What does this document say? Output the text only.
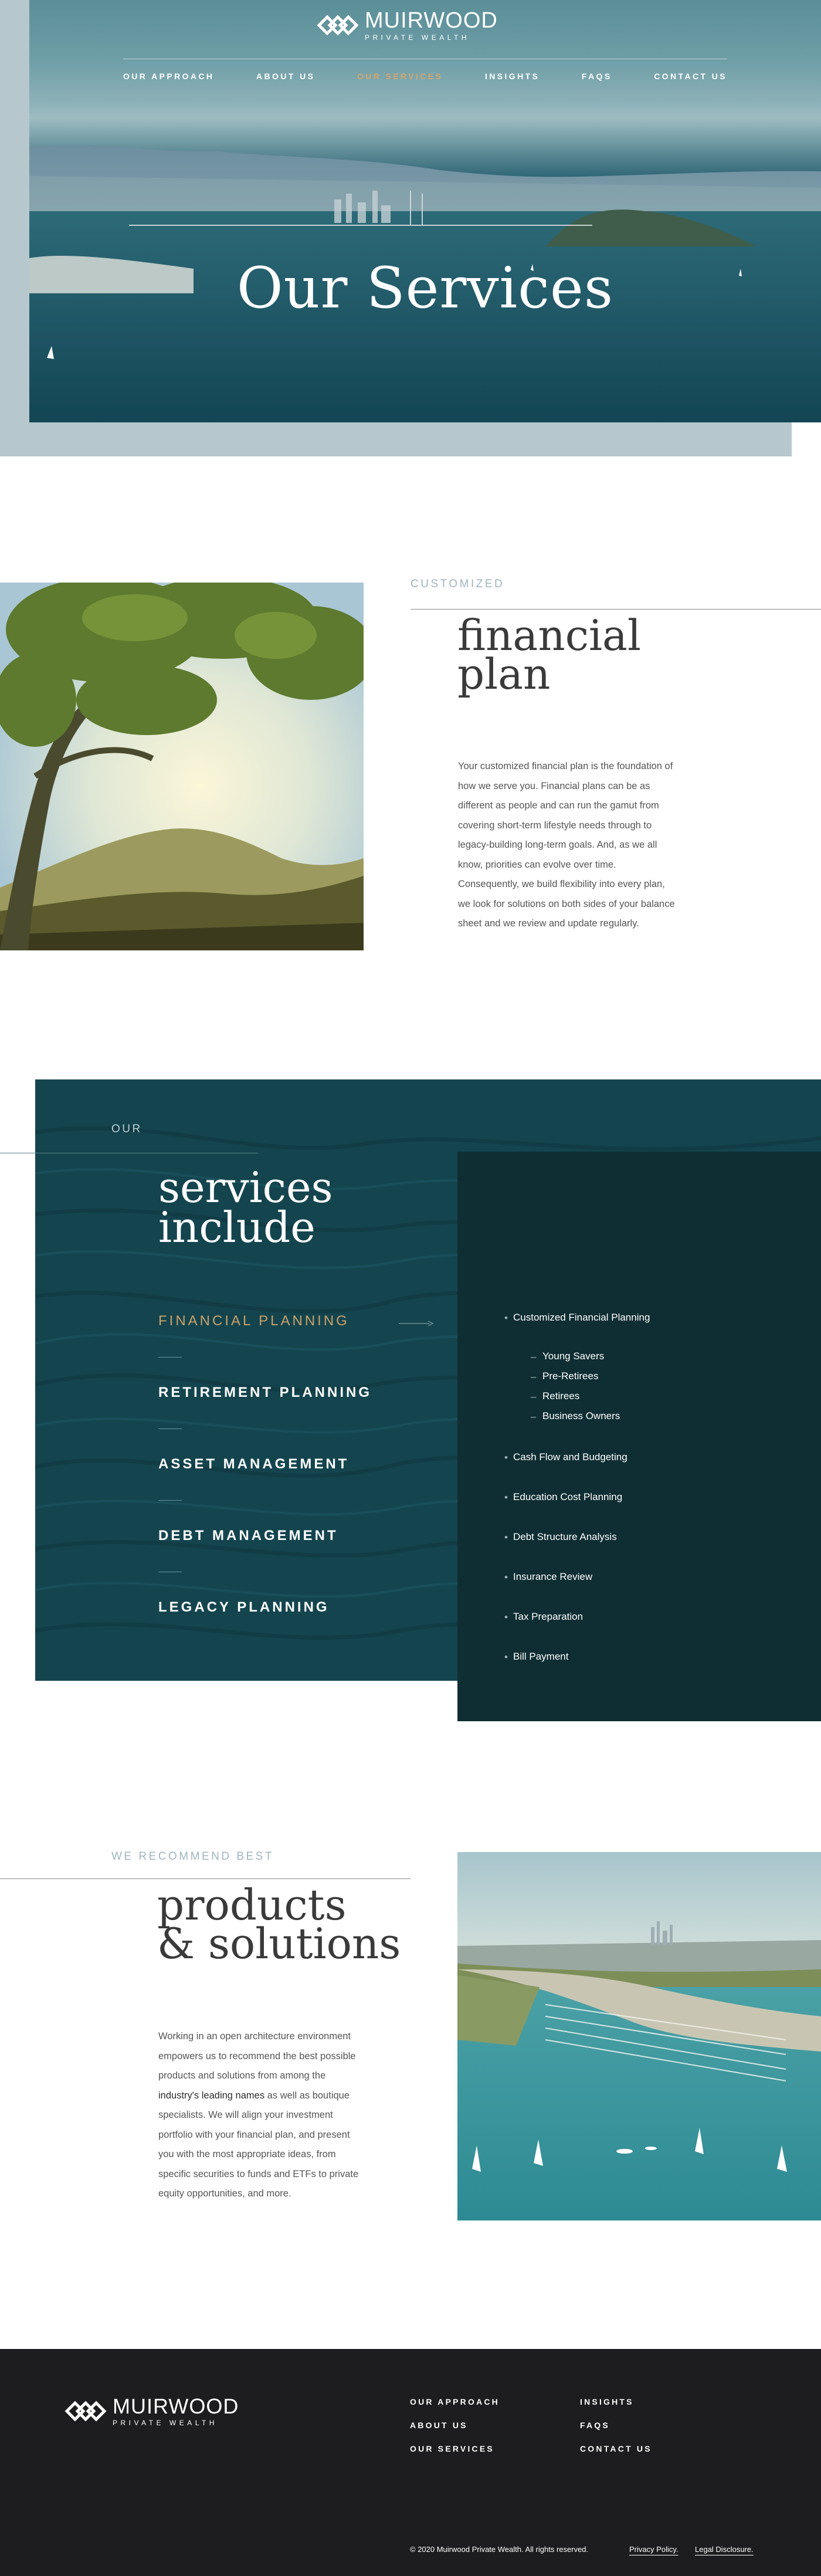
MUIRWOOD
PRIVATE WEALTH
OUR APPROACH	ABOUT US	OUR SERVICES	INSIGHTS	FAQS	CONTACT US
Our Services
CUSTOMIZED
financial
plan

Your customized financial plan is the foundation of how we serve you. Financial plans can be as different as people and can run the gamut from covering short-term lifestyle needs through to legacy-building long-term goals. And, as we all know, priorities can evolve over time. Consequently, we build flexibility into every plan, we look for solutions on both sides of your balance sheet and we review and update regularly.

OUR
services
include
FINANCIAL PLANNING
RETIREMENT PLANNING
ASSET MANAGEMENT
DEBT MANAGEMENT
LEGACY PLANNING
• Customized Financial Planning
– Young Savers
– Pre-Retirees
– Retirees
– Business Owners
• Cash Flow and Budgeting
• Education Cost Planning
• Debt Structure Analysis
• Insurance Review
• Tax Preparation
• Bill Payment
WE RECOMMEND BEST
products
& solutions

Working in an open architecture environment empowers us to recommend the best possible products and solutions from among the industry's leading names as well as boutique specialists. We will align your investment portfolio with your financial plan, and present you with the most appropriate ideas, from specific securities to funds and ETFs to private equity opportunities, and more.

MUIRWOOD
PRIVATE WEALTH
OUR APPROACH
ABOUT US
OUR SERVICES
INSIGHTS
FAQS
CONTACT US
© 2020 Muirwood Private Wealth. All rights reserved.	Privacy Policy. Legal Disclosure.
